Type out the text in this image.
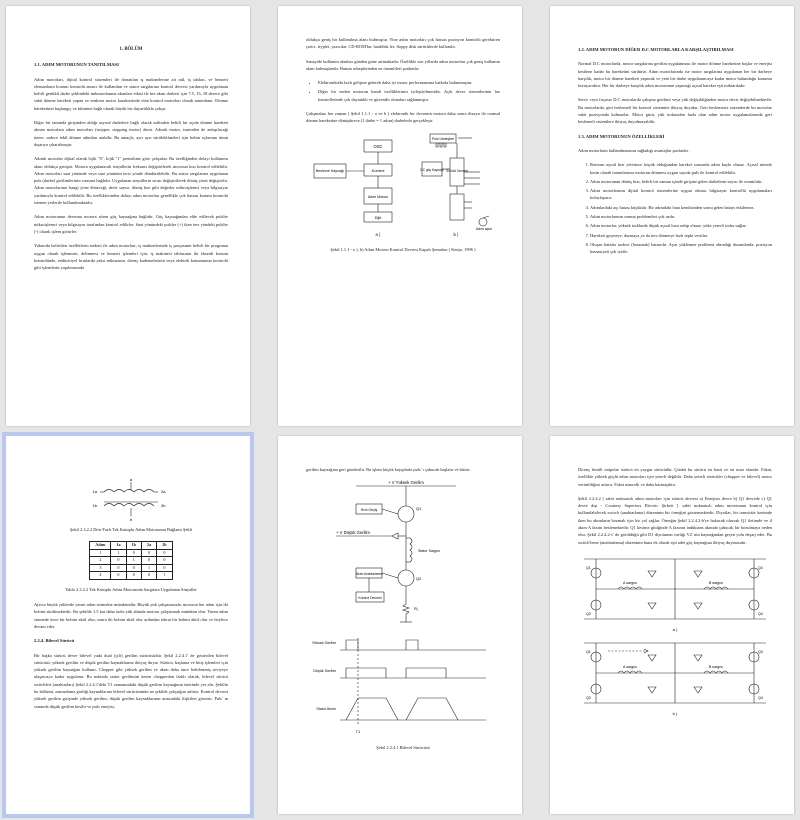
1. BÖLÜM
1.1. ADIM MOTORUNUN TANITILMASI

Adım motorları, dijital kontrol sistemleri ile donatılan iş makinelerine ait nül, iş tabları, ve benzeri elemanların konum kontrolü amacı ile kullanılan ve stator sargılarına kontrol devresi yardımıyla uygulanan belirli genlikli darbe şeklindeki mıknatıslanma akımları etkisi ile her akım darbesi için 7.5, 15, 18 derece gibi sabit dönme hareketi yapan ve senkron motor karakterinde olan kontrol motorları olarak tanımlanır. Dönme hareketinin başlangıç ve bitimine bağlı olarak büyük bir duyarlılıkla çalışır.

Diğer bir tanımda girişinden aldığı sayısal darbelere bağlı olarak milinden belirli bir açıda dönme hareketi alınan motorlara adım motorları (stepper, stepping motor) denir. Adımlı motor, isminden de anlaşılacağı üzere, sadece tekil dönme adımları atabilir. Bu amaçla, ayrı ayrı sürülebilmeleri için bobin uçlarının tümü dışarıya çıkartılmıştır.

Adımlı motorlar dijital olarak lojik "0", lojik "1" prensibine göre çalışırlar. Bu özelliğinden dolayı kullanımı alanı oldukça geniştir. Motora uygulanacak sinyallerin frekansı değiştirilerek motorun hızı kontrol edilebilir. Adım motorları saat yönünde veya saat yönünün tersi yönde döndürülebilir. Bu stator sargılarına uygulanan puls (darbe) gerilimlerinin sırasına bağlıdır. Uygulanan sinyallerin sırası değiştirilerek dönüş yönü değiştirilir. Adım motorlarının hangi yöne döneceği, devir sayısı, dönüş hızı gibi değerler mikroişlemci veya bilgisayar yardımıyla kontrol edilebilir. Bu özelliklerinden dolayı adım motorları genellikle çok hassas konum kontrolü istenen yerlerde kullanılmaktadır.

Adım motorunun devrunu motora süren güç kaynağına bağlıdır. Güç kaynağından elde edilecek pulsler mikroişlemci veya bilgisayar tarafından kontrol edilirler. Saat yönündeki pulsler (+) iken ters yöndeki pulsler (-) olarak işlem görürler.

Yukarıda belirtilen özelliklerin nedeni ile adım motorları; iş makinelerinde iş parçasının belirli bir programa uygun olarak işlenmesi, delinmesi ve benzeri işlemleri için, iş makinesi tablasının iki eksenli konum kontrolünde, endüstriyel fırınlarda yakıt miktarının, direnç kademelerinin veya elektrik konumunun kontrolü gibi işlemlerin yapılmasında

oldukça geniş bir kullanılma alanı bulmuştur. Yine adım motorları çok hassas pozisyon kontrolü gerektiren çizici, tryplet, yazıcılar, CD-ROM'lar, harddisk ler, floppy disk sürücülerde kullanılır.

Sanayide kullanım alanları günden güne artmaktadır. Özellikle son yıllarda adım motorları çok geniş kullanım alanı bulmuşlardır. Bunun sebeplerinden en önemlileri şunlardır:

• Elektronikteki hızlı gelişme giderek daha iyi motor performansına katkıda bulunmuştur.
• Diğer bir neden motorun kendi özelliklerinin iyileştirilmesidir. Açık devre sistemlerinin hız kontrollerinde çok dayanıklı ve güvenilir olmaları sağlanmıştır.

Çalışmaları her zaman ( Şekil 1.1.1 - a ve b ) elektronik bir devrenin motora daha sonra dizayn ile oransal dönme hareketine dönüştürece (1 darbe = 1 adım) darbelerle gerçekleşir.

OSC
Besleme Kaynağı	Kontrol
Adım Motoru
Dijit
a )
Puls Üreteçleri
DC güç Kaynağı Sürücü Devresi
Adım açısı
b )
Şekil 1.1.1 - a ), b) Adım Motoru Kontrol Devresi Kapalı Şemaları ( Kenjo, 1996 )
1.2. ADIM MOTORUN DİĞER D.C MOTORLARLA KARŞILAŞTIRILMASI

Normal D.C motorlarda, motor sargılarına gerilim uygulanması ile motor dönme hareketine başlar ve enerjisi kesilene kadar bu hareketini sürdürür. Adım motorlarında ise motor sargılarına uygulanan her bir darbeye karşılık, motor bir dönme hareketi yapacak ve yeni bir darbe uygulanıncaya kadar motor bulunduğu konumu koruyacaktır. Her bir darbeye karşılık adım motorunun yapacağı açısal hareket eşit miktardadır.

Servo veya fırçasız D.C motorlarda çalışma gerilimi veya yük değişikliğinden motor devri değişebilmektedir. Bu motorlarda, geri beslemeli bir kontrol sistemine ihtiyaç duyulur. Geri beslemesiz sistemlerde bu motorlar sabit pozisyonda kalmazlar. Motor gücü, yük torkundan fazla olan adım motor uygulamalarında geri beslemeli sistemlere ihtiyaç duyulmayabilir.

1.3. ADIM MOTORUNUN ÖZELLİKLERİ

Adım motorların kullanılmasının sağladığı avantajlar şunlardır :

1. Rotorun açısal hızı yeterince küçük olduğundan hareket sırasında adım kaybı olmaz. Açısal mesafe kesin olarak tanımlanırsa motorun dönmesi uygun sayıda puls ile kontrol edilebilir.
2. Adım motorunun dönüş hızı, belirli bir zaman içinde girişine gelen darbelerin sayısı ile orantılıdır.
3. Adım motorlarının dijital kontrol sistemlerine uygun olması bilgisayar kontrollü uygulamaları kolaylaştırır.
4. Adımlardaki açı hatası küçüktür. Bir adımdaki hata kendisinden sonra gelen hatayı etkilemez.
5. Adım motorlarının sonma problemleri çok azdır.
6. Adım motorlar, yüksek torklarda düşük açısal hıza sahip olmaz, yüke yeterli torku sağlar.
7. Hareketi geçmeye, durmaya ya da ters dönmeye hızlı tepki verirler.
8. Oluşan hatalar sadece (basamak) hatasıdır. Aşırı yüklenme problemi olmadığı durumlarda, pozisyon hassasiyeti çok iyidir.
a
1a	2a
1b	2b
b
Şekil 2.3.2.2 Dört Fazlı Tek Kutuplu Adım Motorunun Bağlantı Şekli
Adım	1a	1b	2a	2b
1	1	0	0	0
2	0	1	0	0
3	0	0	1	0
4	0	0	0	1
Tablo 2.3.2.2 Tek Kutuplu Adım Motorunda Sargılara Uygulanan Sinyaller

Ayrıca büyük yüklerde yarım adım sürmekte mümkündür. Büyük yük çalışmasında, motorun her adım için iki bobini sürülmektedir. Bu şekilde 1.5 kat daha fazla yük altında motoru çalıştırmak mümkün olur. Yarım adım sürmede önce bir bobini aktif olur, sonra iki bobini aktif olur ardından tekrar bir bobini aktif olur ve böylece devam eder.

2.2.4. Bilevel Sürücü

Bir başka sürücü devre bilevel yada dual (çift) gerilim sürücüsüdür. Şekil 2.2.4.1' de gösterilen bilevel sürücüsü; yüksek gerilim ve düşük gerilim kaynaklarına ihtiyaç duyar. Sürücü, başlama ve bitiş işlemleri için yüksek gerilim kaynağını kullanır. Chopper gibi yüksek gerilim ve akım daha önce belirlenmiş seviyeye ulaşıncaya kadar uygulanır. Bu noktada stator gerilimini kesen chopperdan farklı olarak, bilevel sürücü switchleri (anahtarları) Şekil 2.2.4.1'deki T1 zamanındaki düşük gerilim kaynağının üzerinde yer alır. Şekilin bu bölümü, zamanlama grafiği kaynaklarına bilevel sürücüsünün ne şekilde çalıştığını anlatır. Kontrol devresi yüksek gerilim girişinde yüksek gerilim, düşük gerilim kaynaklarının arasındaki ilişkileri gösterir. Puls' ın sonunda düşük gerilim kesilir ve puls enerjisi,

gerilim kaynağına geri gönderilir. Bu işlem küçük kayıplarla puls' ı çabucak başlatır ve bitirir.

+ V Yüksek Gerilim
Q1
Hızlı Geçiş
+ V Düşük Gerilim
Stator Sargısı
Q2
Akım Anahtarlama
Kontrol Devresi
R₁
Yüksek Gerilim
Düşük Gerilim
Stator Akımı
T1
Şekil 2.2.4.1 Bilevel Sürücüsü

Direnç limitli unipolar sürücü en yaygın sürücüdür. Çünkü bu sürücü en basit ve en ucuz olandır. Fakat, özellikle yüksek güçlü adım motorları için yeterli değildir. Daha yeterli sürücüler (chopper ve bilevel) motor verimliliğini arttırır. Fakat masraflı ve daha karmaşıktır.

Şekil 2.2.4.2 [ sabit mıknatıslı adım motorları için sürücü devresi a) Enerjisiz devre b) Q1 devrede c) Q1 devre dışı - Courtesy Superiors Electric Şirketi ]. sabit mıknatıslı adım motorunun kontrol için kullanılabilecek switch (anahtarlama) düzeninin bir örneğini göstermektedir. Diyotlar, bir transistör kesimde iken bu akımların bozmak için bir yol sağlar. Örneğin Şekil 2.2.4.2-b'ye bakacak olursak Q1 iletimde ve il akım A faxını beslemektedir. Q1 kesime gittiğinde A fazının indüktans akımda çabucak bir bozulmaya neden olur. Şekil 2.2.4.2-c' de görüldüğü gibi D1 diyotunun varlığı V2' nin kaynağından geçen yolu deşarj eder. Bu switch'leme (anahtarlama) düzeninin buna ek olarak eşit adet güç kaynağına ihtiyaç duymasıdır.

A sargısı	B sargısı
Q1
Q2
Q3
Q4
a )
A sargısı	B sargısı
Q1
Q2
Q3
Q4
b )
